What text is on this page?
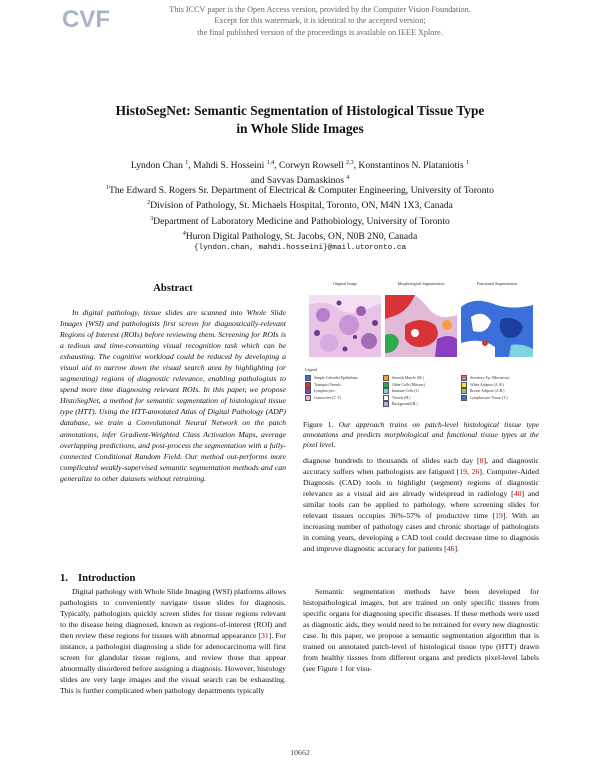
CVF	This ICCV paper is the Open Access version, provided by the Computer Vision Foundation.
Except for this watermark, it is identical to the accepted version;
the final published version of the proceedings is available on IEEE Xplore.
HistoSegNet: Semantic Segmentation of Histological Tissue Type
in Whole Slide Images
Lyndon Chan $^1$, Mahdi S. Hosseini $^{1,4}$, Corwyn Rowsell $^{2,3}$, Konstantinos N. Plataniotis $^1$
and Savvas Damaskinos $^4$
$^1$The Edward S. Rogers Sr. Department of Electrical & Computer Engineering, University of Toronto
$^2$Division of Pathology, St. Michaels Hospital, Toronto, ON, M4N 1X3, Canada
$^3$Department of Laboratory Medicine and Pathobiology, University of Toronto
$^4$Huron Digital Pathology, St. Jacobs, ON, N0B 2N0, Canada
{lyndon.chan, mahdi.hosseini}@mail.utoronto.ca
Abstract

In digital pathology, tissue slides are scanned into Whole Slide Images (WSI) and pathologists first screen for diagnostically-relevant Regions of Interest (ROIs) before reviewing them. Screening for ROIs is a tedious and time-consuming visual recognition task which can be exhausting. The cognitive workload could be reduced by developing a visual aid to narrow down the visual search area by highlighting (or segmenting) regions of diagnostic relevance, enabling pathologists to spend more time diagnosing relevant ROIs. In this paper, we propose HistoSegNet, a method for semantic segmentation of histological tissue type (HTT). Using the HTT-annotated Atlas of Digital Pathology (ADP) database, we train a Convolutional Neural Network on the patch annotations, infer Gradient-Weighted Class Activation Maps, average overlapping predictions, and post-process the segmentation with a fully-connected Conditional Random Field. Our method out-performs more complicated weakly-supervised semantic segmentation methods and can generalize to other datasets without retraining.

1. Introduction

Digital pathology with Whole Slide Imaging (WSI) platforms allows pathologists to conveniently navigate tissue slides for diagnosis. Typically, pathologists quickly screen slides for tissue regions relevant to the disease being diagnosed, known as regions-of-interest (ROI) and then review these regions for tissues with abnormal appearance [31]. For instance, a pathologist diagnosing a slide for adenocarcinoma will first screen for glandular tissue regions, and review those that appear abnormally disordered before assigning a diagnosis. However, histology slides are very large images and the visual search can be exhausting. This is further complicated when pathology departments typically

Original Image	Morphological Segmentation	Functional Segmentation
Legend
Simple Cuboidal Epithelium
Transport Vessels
Lymphocytes
Connective (C.T.)
Smooth Muscle (M.)
Other Cells (Mitoses)
Immune Cells (I.)
Vessels (H.)
Background (B.)
Secretory Ep. (Mucinous)
White Adipose (A.W.)
Brown Adipose (A.B.)
Lymphocytes Tissue (T.)

Figure 1. Our approach trains on patch-level histological tissue type annotations and predicts morphological and functional tissue types at the pixel level.

diagnose hundreds to thousands of slides each day [8], and diagnostic accuracy suffers when pathologists are fatigued [19, 26]. Computer-Aided Diagnosis (CAD) tools to highlight (segment) regions of diagnostic relevance as a visual aid are already widespread in radiology [40] and similar tools can be applied to pathology, where screening slides for relevant tissues occupies 36%-57% of productive time [19]. With an increasing number of pathology cases and chronic shortage of pathologists in coming years, developing a CAD tool could decrease time to diagnosis and improve diagnostic accuracy for patients [46].

Semantic segmentation methods have been developed for histopathological images, but are trained on only specific tissues from specific organs for diagnosing specific diseases. If these methods were used as diagnostic aids, they would need to be retrained for every new diagnostic case. In this paper, we propose a semantic segmentation algorithm that is trained on annotated patch-level of histological tissue type (HTT) drawn from healthy tissues from different organs and predicts pixel-level labels (see Figure 1 for visu-

10662
